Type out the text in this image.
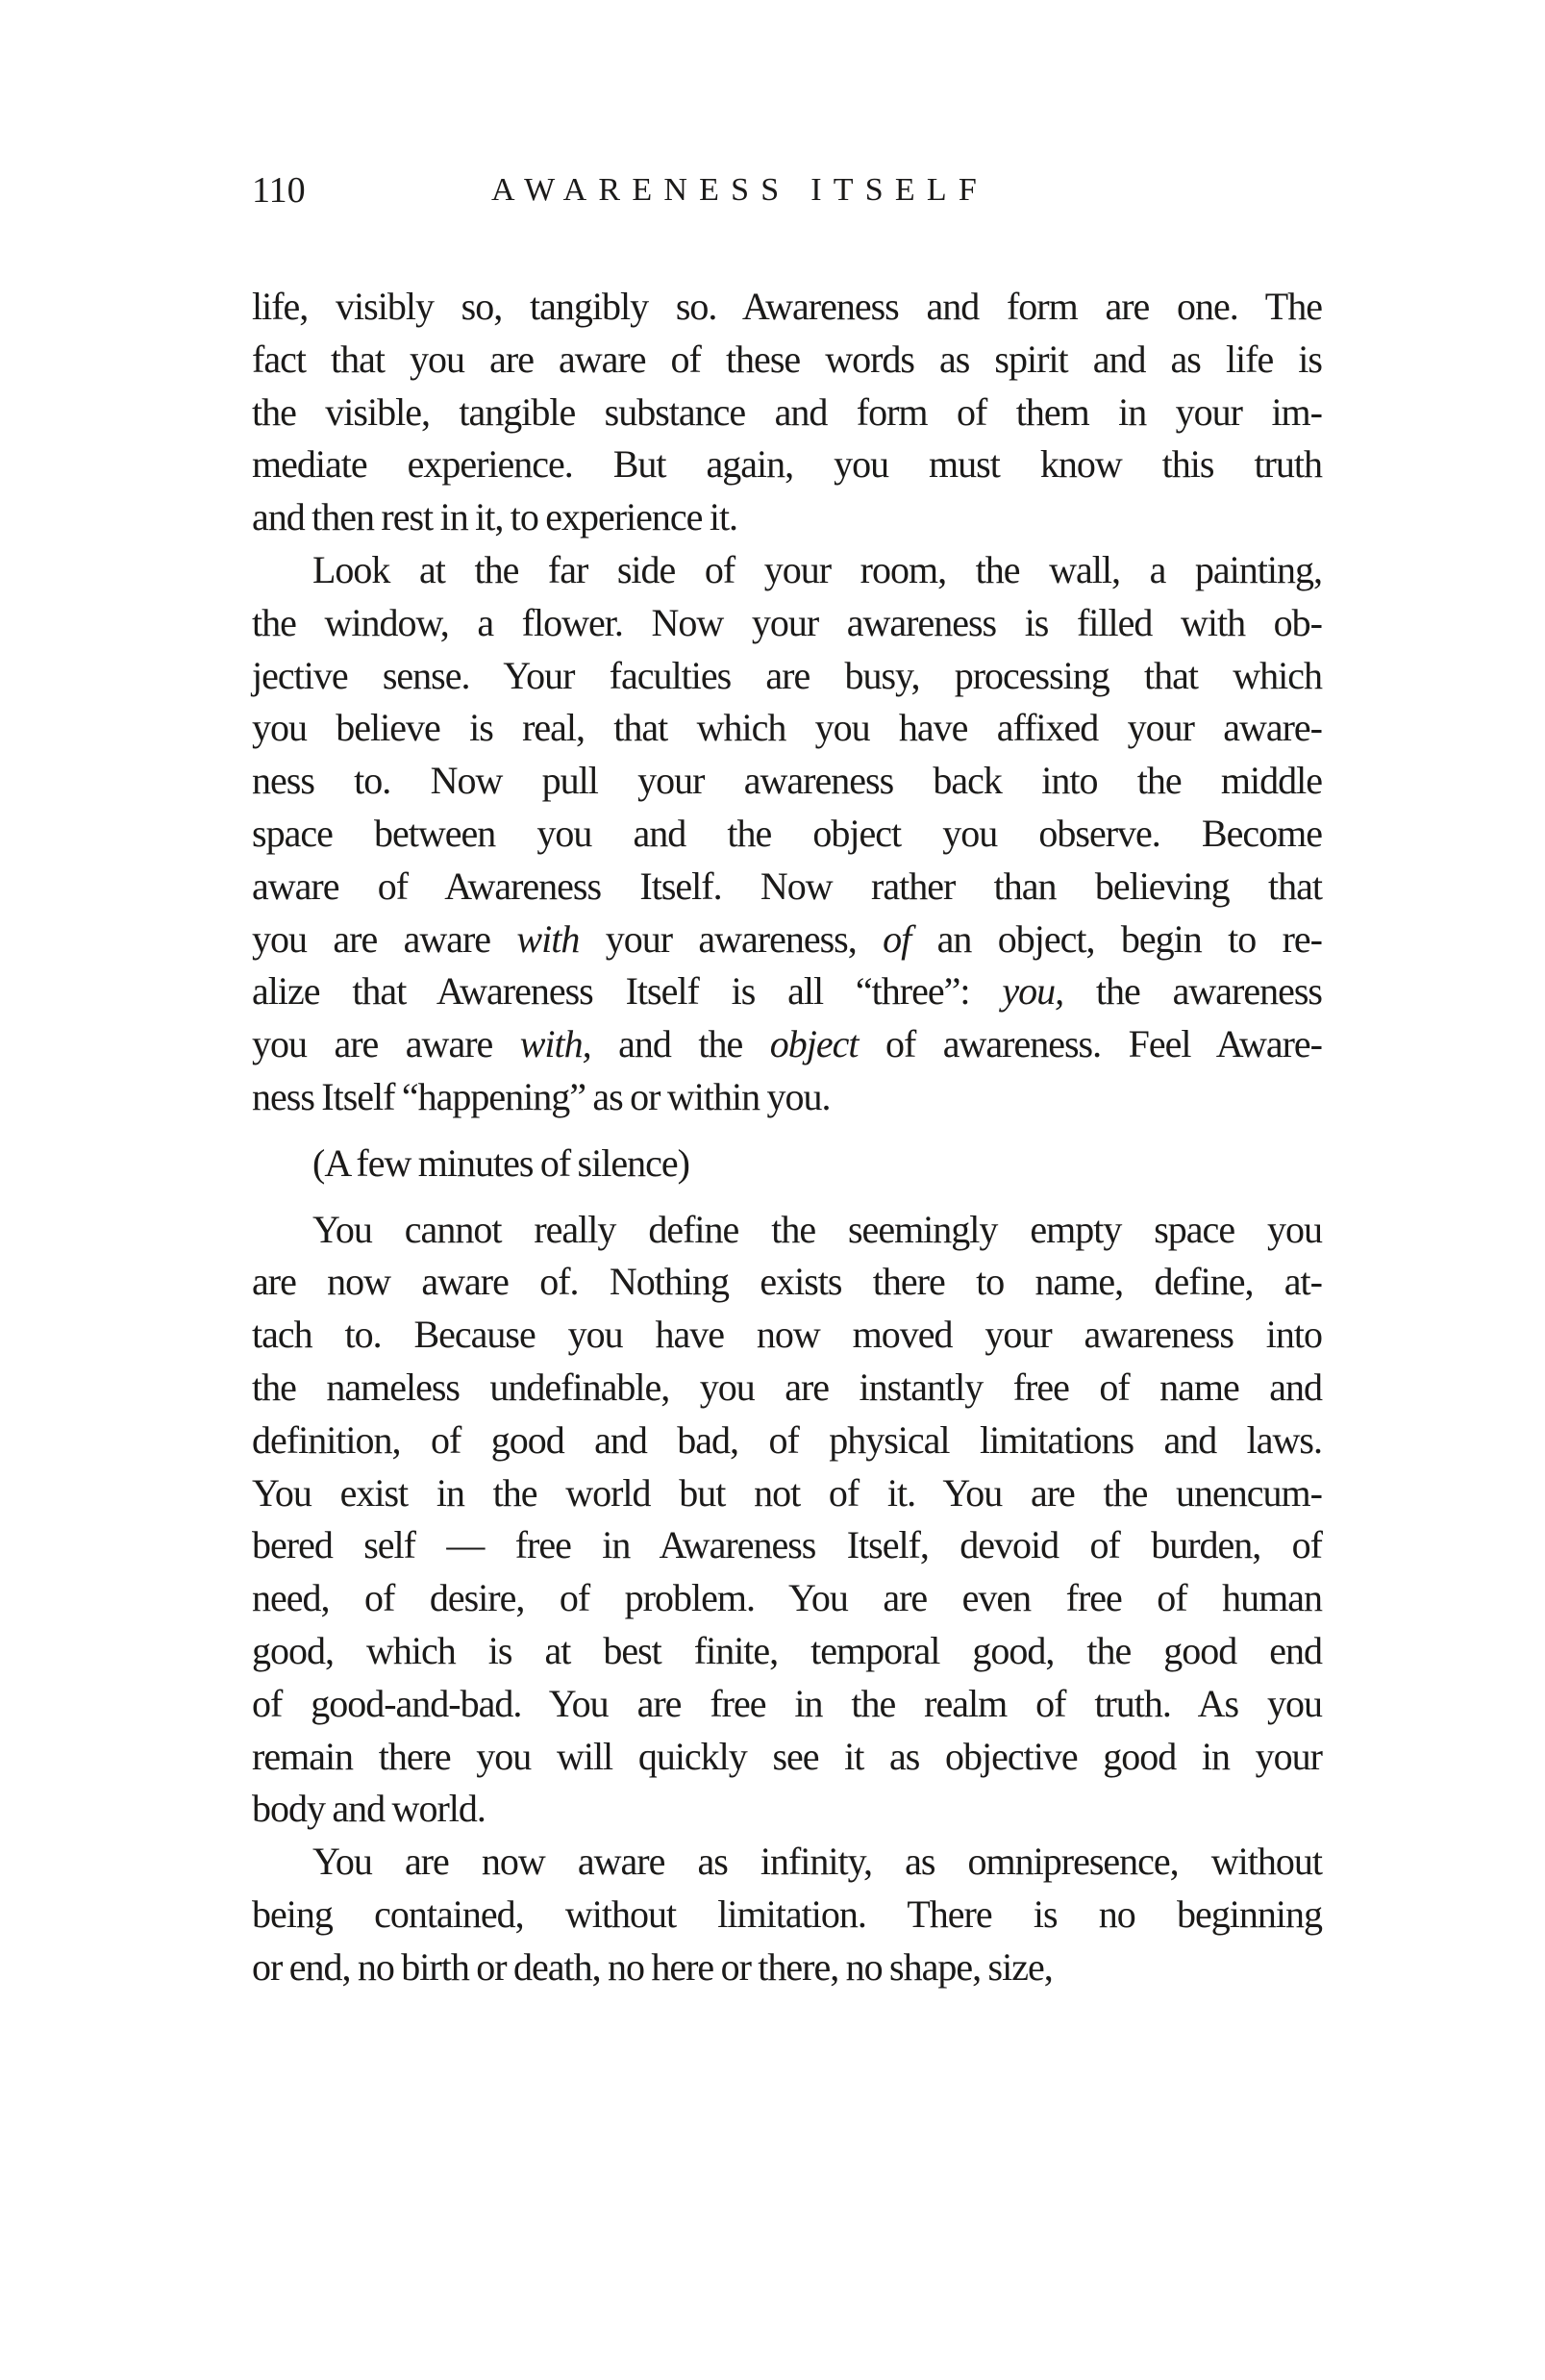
110	AWARENESS ITSELF
life, visibly so, tangibly so. Awareness and form are one. The
fact that you are aware of these words as spirit and as life is
the visible, tangible substance and form of them in your im-
mediate experience. But again, you must know this truth
and then rest in it, to experience it.
Look at the far side of your room, the wall, a painting,
the window, a flower. Now your awareness is filled with ob-
jective sense. Your faculties are busy, processing that which
you believe is real, that which you have affixed your aware-
ness to. Now pull your awareness back into the middle
space between you and the object you observe. Become
aware of Awareness Itself. Now rather than believing that
you are aware with your awareness, of an object, begin to re-
alize that Awareness Itself is all “three”: you, the awareness
you are aware with, and the object of awareness. Feel Aware-
ness Itself “happening” as or within you.
(A few minutes of silence)
You cannot really define the seemingly empty space you
are now aware of. Nothing exists there to name, define, at-
tach to. Because you have now moved your awareness into
the nameless undefinable, you are instantly free of name and
definition, of good and bad, of physical limitations and laws.
You exist in the world but not of it. You are the unencum-
bered self — free in Awareness Itself, devoid of burden, of
need, of desire, of problem. You are even free of human
good, which is at best finite, temporal good, the good end
of good-and-bad. You are free in the realm of truth. As you
remain there you will quickly see it as objective good in your
body and world.
You are now aware as infinity, as omnipresence, without
being contained, without limitation. There is no beginning
or end, no birth or death, no here or there, no shape, size,
